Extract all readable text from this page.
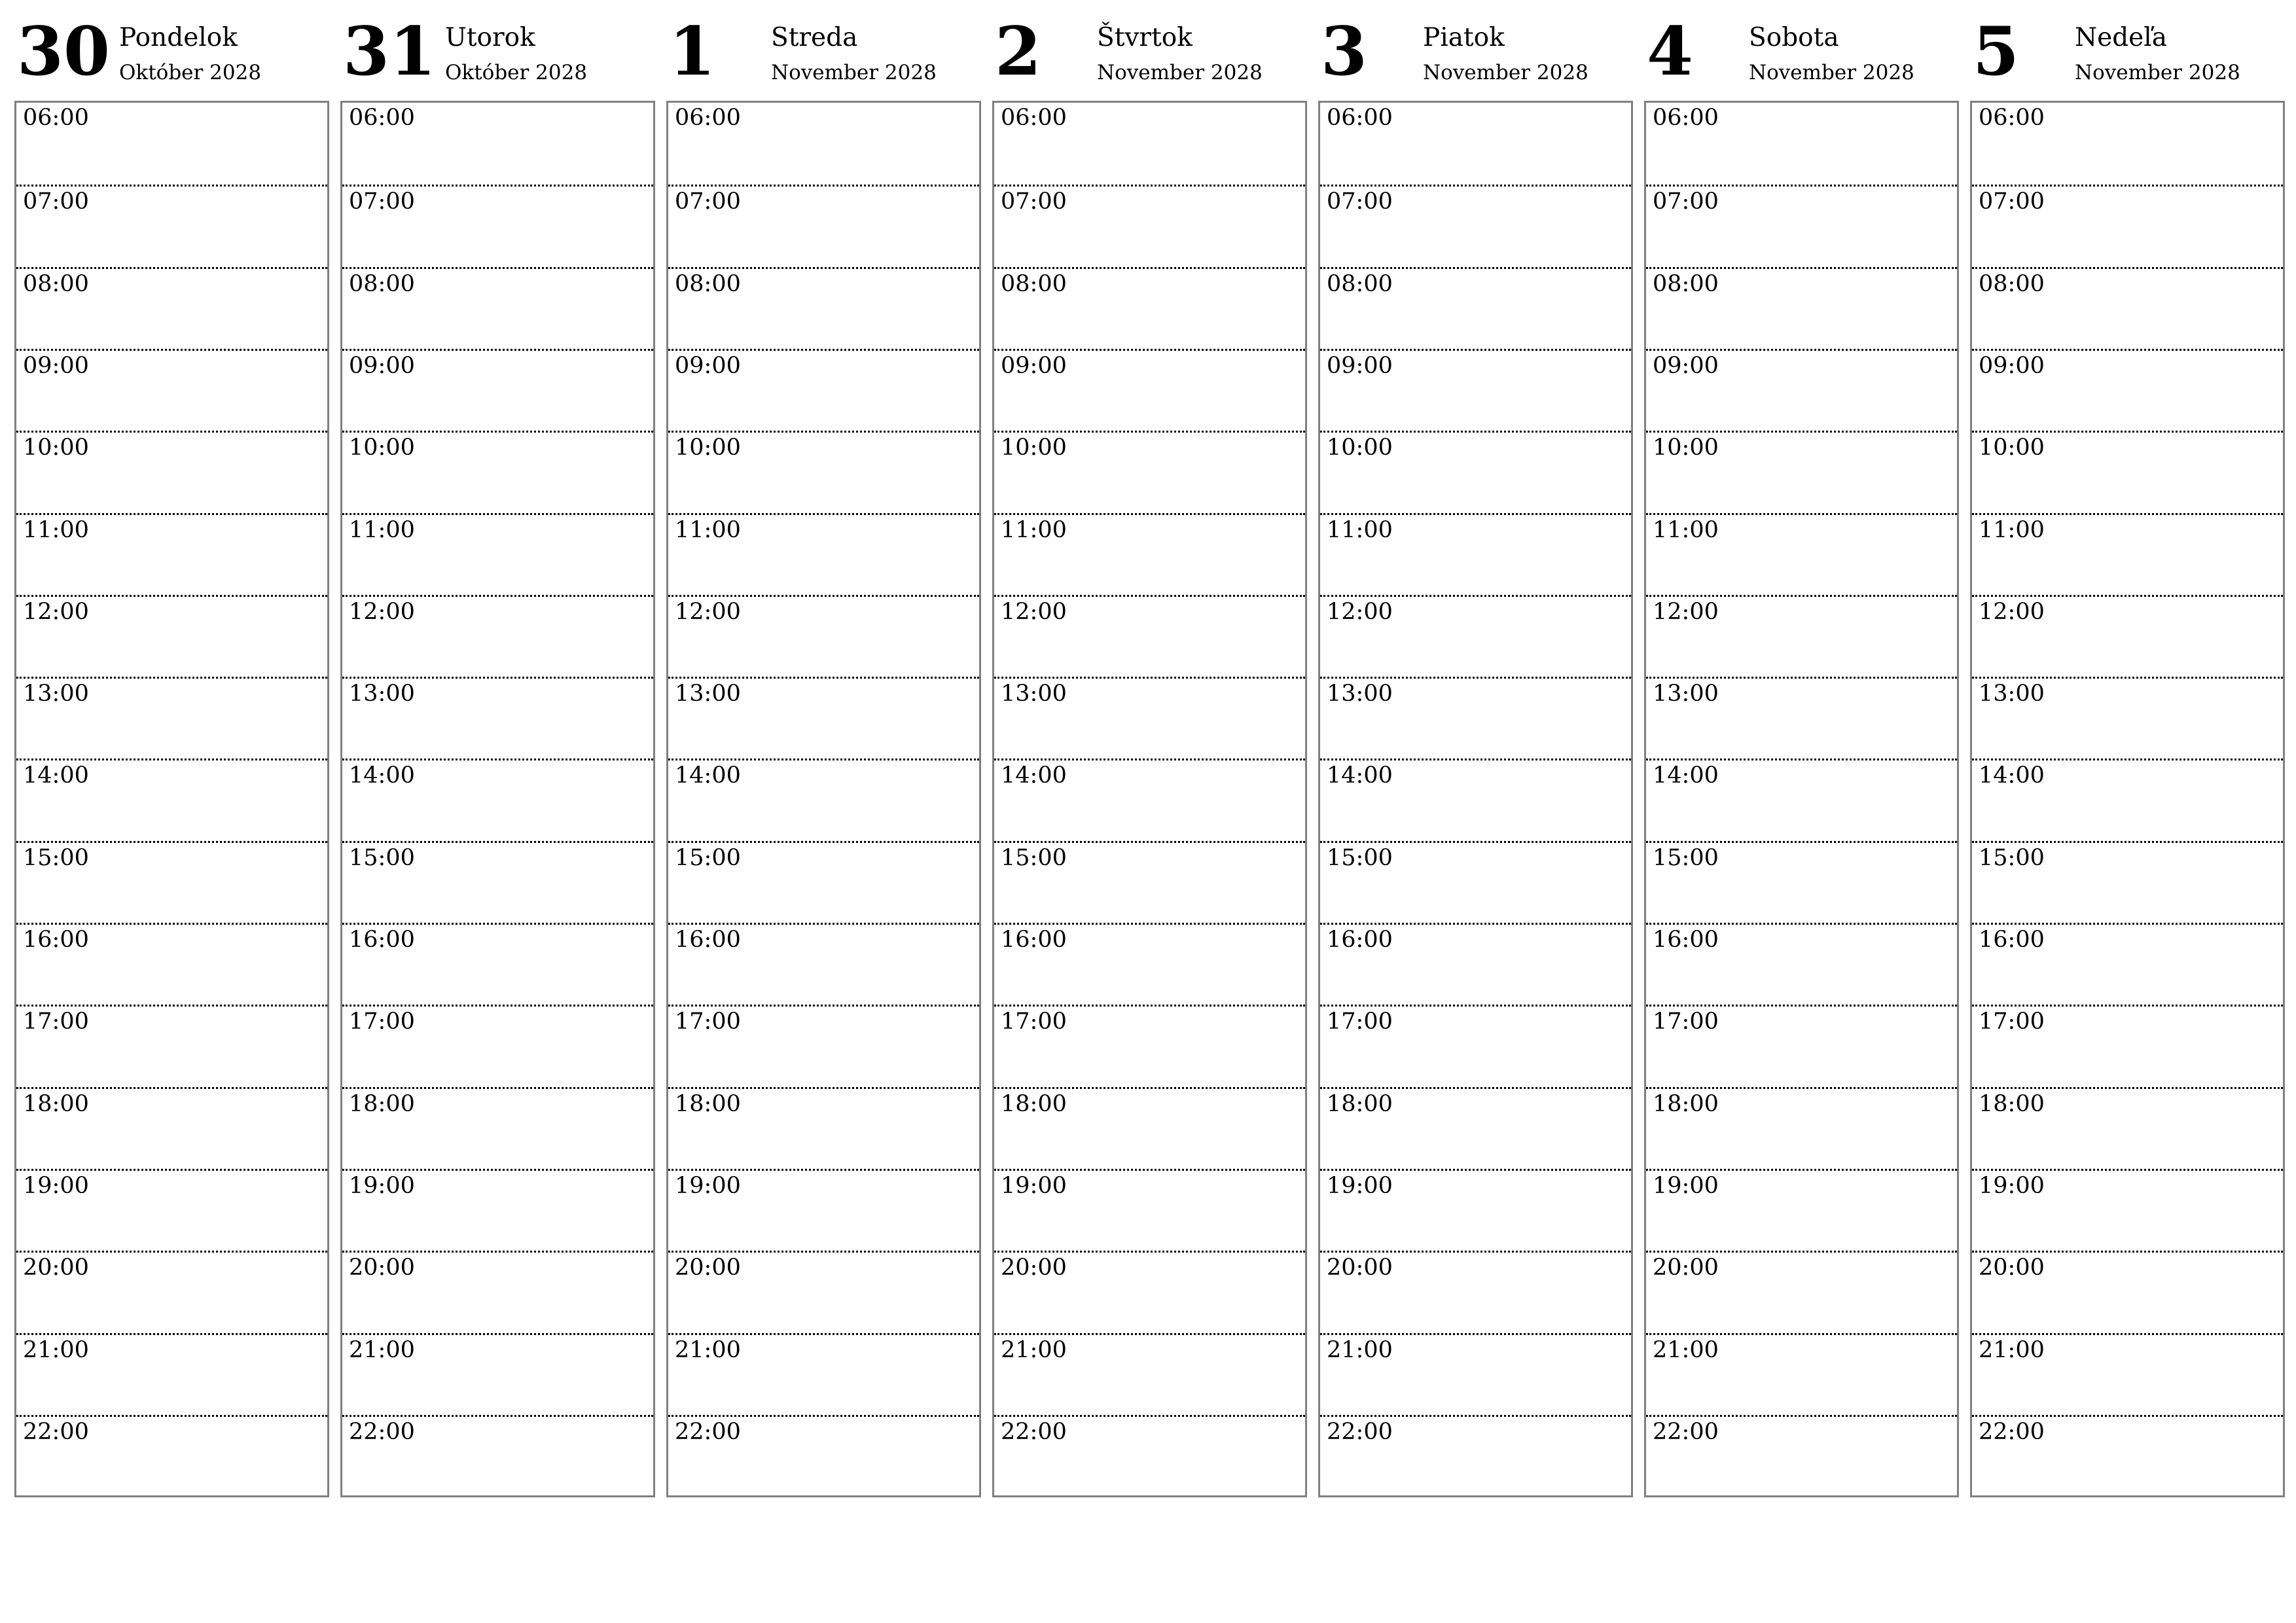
30 Pondelok
Október 2028
06:00
07:00
08:00
09:00
10:00
11:00
12:00
13:00
14:00
15:00
16:00
17:00
18:00
19:00
20:00
21:00
22:00
31 Utorok
Október 2028
06:00
07:00
08:00
09:00
10:00
11:00
12:00
13:00
14:00
15:00
16:00
17:00
18:00
19:00
20:00
21:00
22:00
1 Streda
November 2028
06:00
07:00
08:00
09:00
10:00
11:00
12:00
13:00
14:00
15:00
16:00
17:00
18:00
19:00
20:00
21:00
22:00
2 Štvrtok
November 2028
06:00
07:00
08:00
09:00
10:00
11:00
12:00
13:00
14:00
15:00
16:00
17:00
18:00
19:00
20:00
21:00
22:00
3 Piatok
November 2028
06:00
07:00
08:00
09:00
10:00
11:00
12:00
13:00
14:00
15:00
16:00
17:00
18:00
19:00
20:00
21:00
22:00
4 Sobota
November 2028
06:00
07:00
08:00
09:00
10:00
11:00
12:00
13:00
14:00
15:00
16:00
17:00
18:00
19:00
20:00
21:00
22:00
5 Nedeľa
November 2028
06:00
07:00
08:00
09:00
10:00
11:00
12:00
13:00
14:00
15:00
16:00
17:00
18:00
19:00
20:00
21:00
22:00
